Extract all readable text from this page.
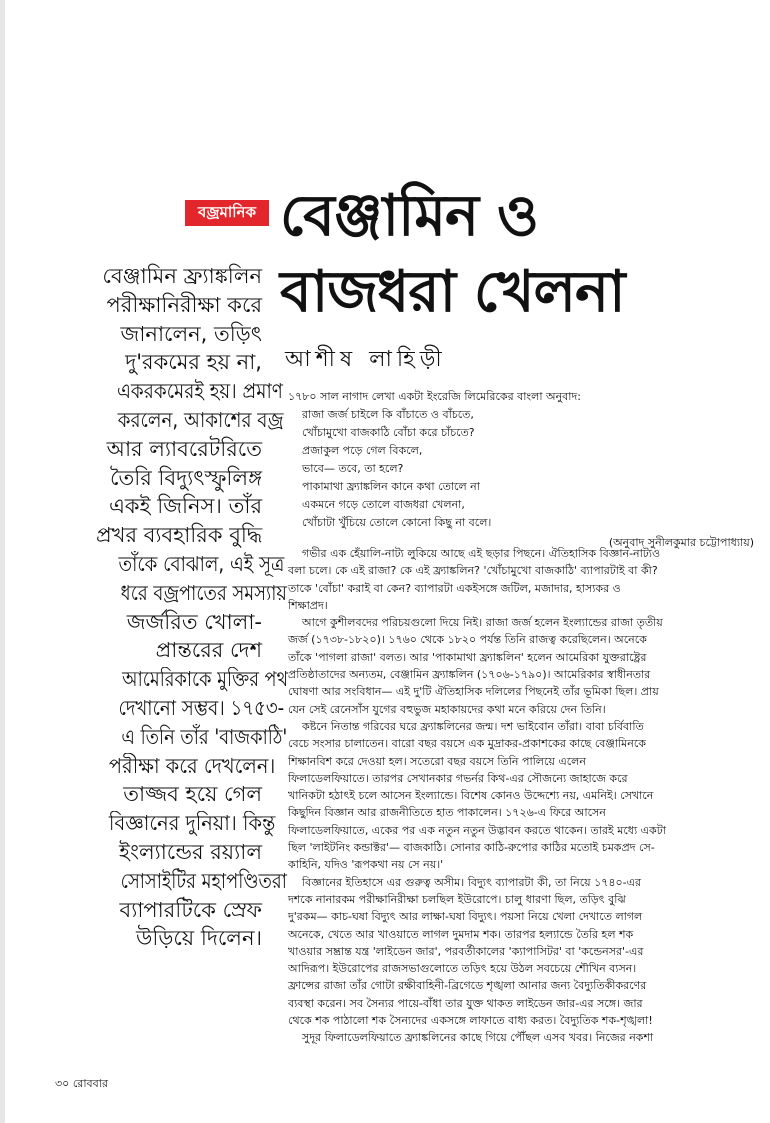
বজ্রমানিক বেঞ্জামিন ও
বাজধরা খেলনা
আশীষ লাহিড়ী
বেঞ্জামিন ফ্র্যাঙ্কলিন
পরীক্ষানিরীক্ষা করে
জানালেন, তড়িৎ
দু'রকমের হয় না,
একরকমেরই হয়। প্রমাণ
করলেন, আকাশের বজ্র
আর ল্যাবরেটরিতে
তৈরি বিদ্যুৎস্ফুলিঙ্গ
একই জিনিস। তাঁর
প্রখর ব্যবহারিক বুদ্ধি
তাঁকে বোঝাল, এই সূত্র
ধরে বজ্রপাতের সমস্যায়
জর্জরিত খোলা-
প্রান্তরের দেশ
আমেরিকাকে মুক্তির পথ
দেখানো সম্ভব। ১৭৫৩-
এ তিনি তাঁর 'বাজকাঠি'
পরীক্ষা করে দেখলেন।
তাজ্জব হয়ে গেল
বিজ্ঞানের দুনিয়া। কিন্তু
ইংল্যান্ডের রয়্যাল
সোসাইটির মহাপণ্ডিতরা
ব্যাপারটিকে স্রেফ
উড়িয়ে দিলেন।
১৭৮০ সাল নাগাদ লেখা একটা ইংরেজি লিমেরিকের বাংলা অনুবাদ:
রাজা জর্জ চাইলে কি বাঁচাতে ও বাঁচতে,
খোঁচামুখো বাজকাঠি বোঁচা করে চাঁচতে?
প্রজাকুল পড়ে গেল বিকলে,
ভাবে— তবে, তা হলে?
পাকামাথা ফ্র্যাঙ্কলিন কানে কথা তোলে না
একমনে গড়ে তোলে বাজধরা খেলনা,
খোঁচাটা খুঁচিয়ে তোলে কোনো কিছু না বলে।
(অনুবাদ সুনীলকুমার চট্টোপাধ্যায়)
গভীর এক হেঁয়ালি-নাট্য লুকিয়ে আছে এই ছড়ার পিছনে। ঐতিহাসিক বিজ্ঞান-নাট্যও
বলা চলে। কে এই রাজা? কে এই ফ্র্যাঙ্কলিন? 'খোঁচামুখো বাজকাঠি' ব্যাপারটাই বা কী?
তাকে 'বোঁচা' করাই বা কেন? ব্যাপারটা একইসঙ্গে জটিল, মজাদার, হাস্যকর ও
শিক্ষাপ্রদ।
আগে কুশীলবদের পরিচয়গুলো দিয়ে নিই। রাজা জর্জ হলেন ইংল্যান্ডের রাজা তৃতীয়
জর্জ (১৭৩৮-১৮২০)। ১৭৬০ থেকে ১৮২০ পর্যন্ত তিনি রাজত্ব করেছিলেন। অনেকে
তাঁকে 'পাগলা রাজা' বলত। আর 'পাকামাথা ফ্র্যাঙ্কলিন' হলেন আমেরিকা যুক্তরাষ্ট্রের
প্রতিষ্ঠাতাদের অন্যতম, বেঞ্জামিন ফ্র্যাঙ্কলিন (১৭০৬-১৭৯০)। আমেরিকার স্বাধীনতার
ঘোষণা আর সংবিধান— এই দু'টি ঐতিহাসিক দলিলের পিছনেই তাঁর ভূমিকা ছিল। প্রায়
যেন সেই রেনেসাঁস যুগের বহুভুজ মহাকায়দের কথা মনে করিয়ে দেন তিনি।
কষ্টনে নিতান্ত গরিবের ঘরে ফ্র্যাঙ্কলিনের জন্ম। দশ ভাইবোন তাঁরা। বাবা চর্বিবাতি
বেচে সংসার চালাতেন। বারো বছর বয়সে এক মুদ্রাকর-প্রকাশকের কাছে বেঞ্জামিনকে
শিক্ষানবিশ করে দেওয়া হল। সতেরো বছর বয়সে তিনি পালিয়ে এলেন
ফিলাডেলফিয়াতে। তারপর সেখানকার গভর্নর কিথ-এর সৌজন্যে জাহাজে করে
খানিকটা হঠাৎই চলে আসেন ইংল্যান্ডে। বিশেষ কোনও উদ্দেশ্যে নয়, এমনিই। সেখানে
কিছুদিন বিজ্ঞান আর রাজনীতিতে হাত পাকালেন। ১৭২৬-এ ফিরে আসেন
ফিলাডেলফিয়াতে, একের পর এক নতুন নতুন উদ্ভাবন করতে থাকেন। তারই মধ্যে একটা
ছিল 'লাইটনিং কন্ডাক্টর'— বাজকাঠি। সোনার কাঠি-রুপোর কাঠির মতোই চমকপ্রদ সে-
কাহিনি, যদিও 'রূপকথা নয় সে নয়।'
বিজ্ঞানের ইতিহাসে এর গুরুত্ব অসীম। বিদ্যুৎ ব্যাপারটা কী, তা নিয়ে ১৭৪০-এর
দশকে নানারকম পরীক্ষানিরীক্ষা চলছিল ইউরোপে। চালু ধারণা ছিল, তড়িৎ বুঝি
দু'রকম— কাচ-ঘষা বিদ্যুৎ আর লাক্ষা-ঘষা বিদ্যুৎ। পয়সা নিয়ে খেলা দেখাতে লাগল
অনেকে, খেতে আর খাওয়াতে লাগল দুমদাম শক। তারপর হল্যান্ডে তৈরি হল শক
খাওয়ার সম্ভ্রান্ত যন্ত্র 'লাইডেন জার', পরবর্তীকালের 'ক্যাপাসিটর' বা 'কন্ডেনসর'-এর
আদিরূপ। ইউরোপের রাজসভাগুলোতে তড়িৎ হয়ে উঠল সবচেয়ে শৌখিন ব্যসন।
ফ্রান্সের রাজা তাঁর গোটা রক্ষীবাহিনী-ব্রিগেডে শৃঙ্খলা আনার জন্য বৈদ্যুতিকীকরণের
ব্যবস্থা করেন। সব সৈন্যর পায়ে-বাঁধা তার যুক্ত থাকত লাইডেন জার-এর সঙ্গে। জার
থেকে শক পাঠালো শক সৈন্যদের একসঙ্গে লাফাতে বাধ্য করত। বৈদ্যুতিক শক-শৃঙ্খলা!
সুদূর ফিলাডেলফিয়াতে ফ্র্যাঙ্কলিনের কাছে গিয়ে পৌঁছল এসব খবর। নিজের নকশা
৩০ রোববার
